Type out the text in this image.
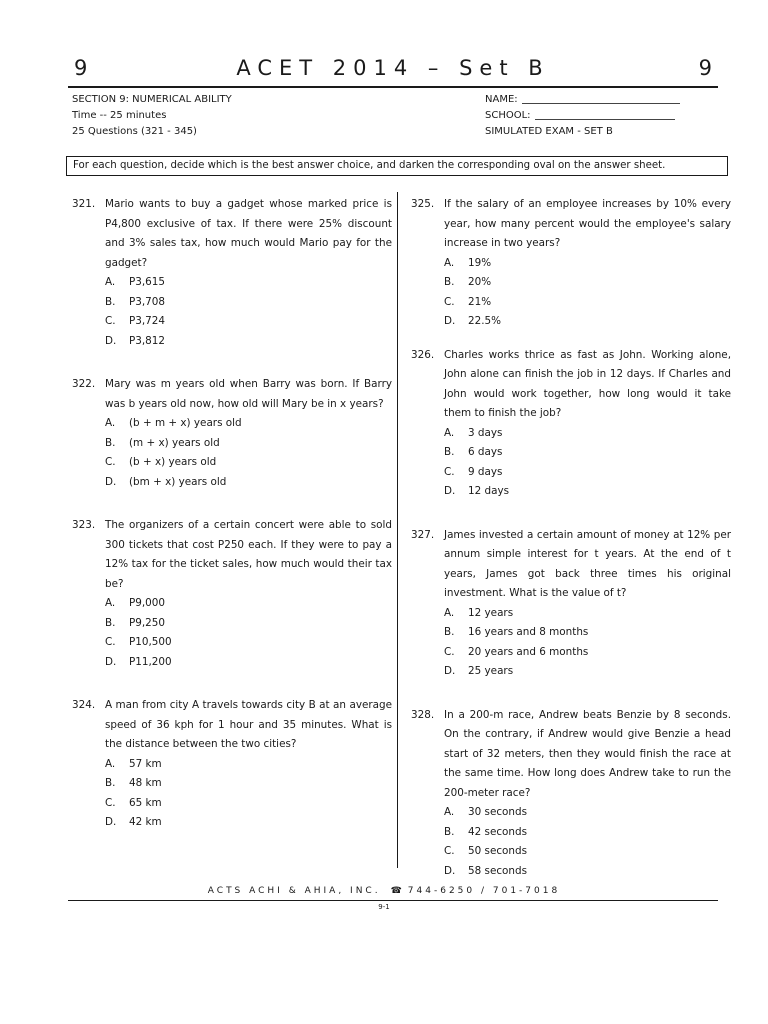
9	ACET 2014 – Set B	9
SECTION 9: NUMERICAL ABILITY
Time -- 25 minutes
25 Questions (321 - 345)
NAME:
SCHOOL:
SIMULATED EXAM - SET B
For each question, decide which is the best answer choice, and darken the corresponding oval on the answer sheet.
321. Mario wants to buy a gadget whose marked price is P4,800 exclusive of tax. If there were 25% discount and 3% sales tax, how much would Mario pay for the gadget?
A.	P3,615
B.	P3,708
C.	P3,724
D.	P3,812
322. Mary was m years old when Barry was born. If Barry was b years old now, how old will Mary be in x years?
A.	(b + m + x) years old
B.	(m + x) years old
C.	(b + x) years old
D.	(bm + x) years old
323. The organizers of a certain concert were able to sold 300 tickets that cost P250 each. If they were to pay a 12% tax for the ticket sales, how much would their tax be?
A.	P9,000
B.	P9,250
C.	P10,500
D.	P11,200
324. A man from city A travels towards city B at an average speed of 36 kph for 1 hour and 35 minutes. What is the distance between the two cities?
A.	57 km
B.	48 km
C.	65 km
D.	42 km
325. If the salary of an employee increases by 10% every year, how many percent would the employee's salary increase in two years?
A.	19%
B.	20%
C.	21%
D.	22.5%
326. Charles works thrice as fast as John. Working alone, John alone can finish the job in 12 days. If Charles and John would work together, how long would it take them to finish the job?
A.	3 days
B.	6 days
C.	9 days
D.	12 days
327. James invested a certain amount of money at 12% per annum simple interest for t years. At the end of t years, James got back three times his original investment. What is the value of t?
A.	12 years
B.	16 years and 8 months
C.	20 years and 6 months
D.	25 years
328. In a 200-m race, Andrew beats Benzie by 8 seconds. On the contrary, if Andrew would give Benzie a head start of 32 meters, then they would finish the race at the same time. How long does Andrew take to run the 200-meter race?
A.	30 seconds
B.	42 seconds
C.	50 seconds
D.	58 seconds
ACTS ACHI & AHIA, INC. ☎ 744-6250 / 701-7018
9-1
